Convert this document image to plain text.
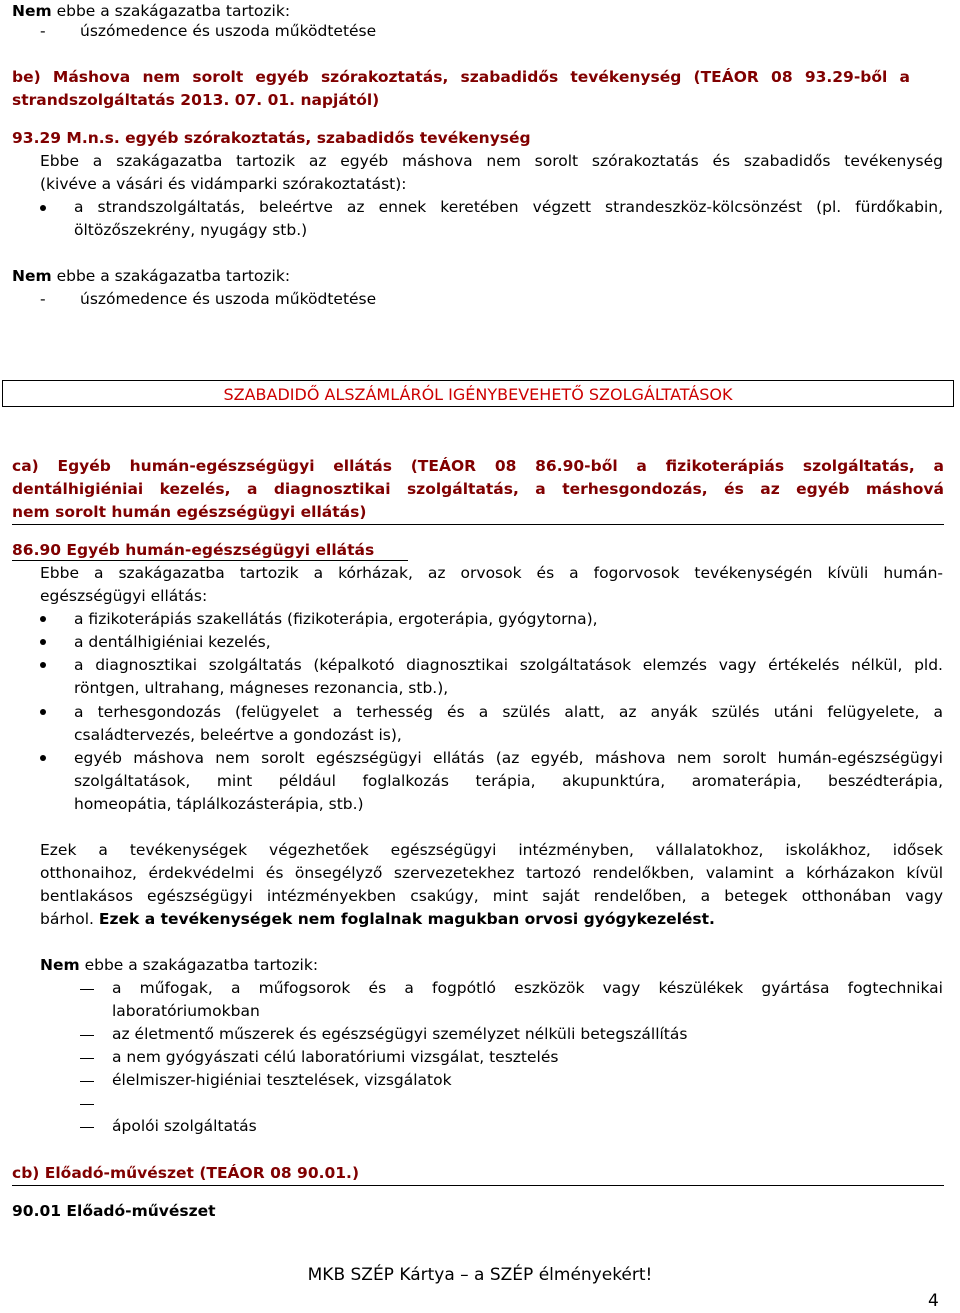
Nem ebbe a szakágazatba tartozik:
- úszómedence és uszoda működtetése
be) Máshova nem sorolt egyéb szórakoztatás, szabadidős tevékenység (TEÁOR 08 93.29-ből a
strandszolgáltatás 2013. 07. 01. napjától)
93.29 M.n.s. egyéb szórakoztatás, szabadidős tevékenység
Ebbe a szakágazatba tartozik az egyéb máshova nem sorolt szórakoztatás és szabadidős tevékenység
(kivéve a vásári és vidámparki szórakoztatást):
a strandszolgáltatás, beleértve az ennek keretében végzett strandeszköz-kölcsönzést (pl. fürdőkabin,
öltözőszekrény, nyugágy stb.)
Nem ebbe a szakágazatba tartozik:
- úszómedence és uszoda működtetése
SZABADIDŐ ALSZÁMLÁRÓL IGÉNYBEVEHETŐ SZOLGÁLTATÁSOK
ca) Egyéb humán-egészségügyi ellátás (TEÁOR 08 86.90-ből a fizikoterápiás szolgáltatás, a
dentálhigiéniai kezelés, a diagnosztikai szolgáltatás, a terhesgondozás, és az egyéb máshová
nem sorolt humán egészségügyi ellátás)
86.90 Egyéb humán-egészségügyi ellátás
Ebbe a szakágazatba tartozik a kórházak, az orvosok és a fogorvosok tevékenységén kívüli humán-
egészségügyi ellátás:
a fizikoterápiás szakellátás (fizikoterápia, ergoterápia, gyógytorna),
a dentálhigiéniai kezelés,
a diagnosztikai szolgáltatás (képalkotó diagnosztikai szolgáltatások elemzés vagy értékelés nélkül, pld.
röntgen, ultrahang, mágneses rezonancia, stb.),
a terhesgondozás (felügyelet a terhesség és a szülés alatt, az anyák szülés utáni felügyelete, a
családtervezés, beleértve a gondozást is),
egyéb máshova nem sorolt egészségügyi ellátás (az egyéb, máshova nem sorolt humán-egészségügyi
szolgáltatások, mint például foglalkozás terápia, akupunktúra, aromaterápia, beszédterápia,
homeopátia, táplálkozásterápia, stb.)
Ezek a tevékenységek végezhetőek egészségügyi intézményben, vállalatokhoz, iskolákhoz, idősek
otthonaihoz, érdekvédelmi és önsegélyző szervezetekhez tartozó rendelőkben, valamint a kórházakon kívül
bentlakásos egészségügyi intézményekben csakúgy, mint saját rendelőben, a betegek otthonában vagy
bárhol. Ezek a tevékenységek nem foglalnak magukban orvosi gyógykezelést.
Nem ebbe a szakágazatba tartozik:
a műfogak, a műfogsorok és a fogpótló eszközök vagy készülékek gyártása fogtechnikai
laboratóriumokban
az életmentő műszerek és egészségügyi személyzet nélküli betegszállítás
a nem gyógyászati célú laboratóriumi vizsgálat, tesztelés
élelmiszer-higiéniai tesztelések, vizsgálatok
ápolói szolgáltatás
cb) Előadó-művészet (TEÁOR 08 90.01.)
90.01 Előadó-művészet
MKB SZÉP Kártya – a SZÉP élményekért!
4
